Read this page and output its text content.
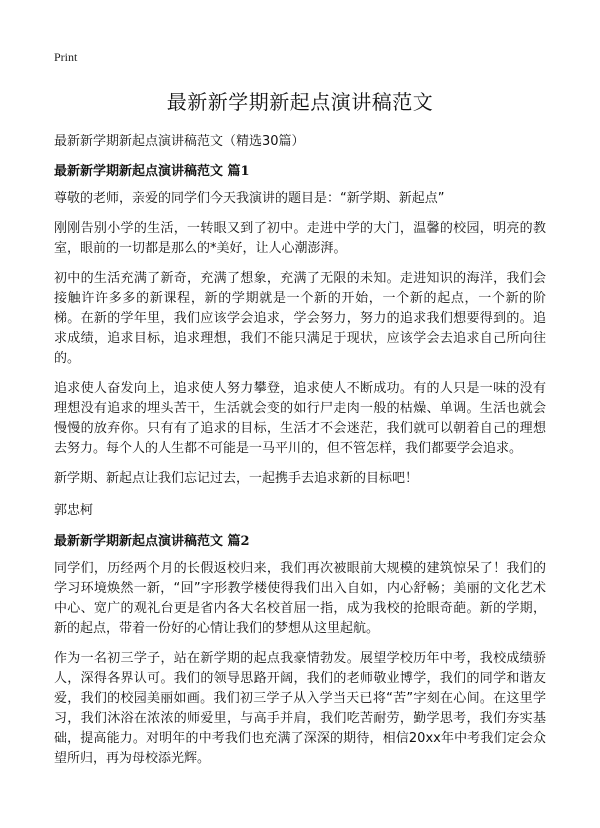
Print
最新新学期新起点演讲稿范文
最新新学期新起点演讲稿范文（精选30篇）
最新新学期新起点演讲稿范文 篇1

尊敬的老师，亲爱的同学们今天我演讲的题目是：“新学期、新起点”

刚刚告别小学的生活，一转眼又到了初中。走进中学的大门，温馨的校园，明亮的教室，眼前的一切都是那么的*美好，让人心潮澎湃。

初中的生活充满了新奇，充满了想象，充满了无限的未知。走进知识的海洋，我们会接触许许多多的新课程，新的学期就是一个新的开始，一个新的起点，一个新的阶梯。在新的学年里，我们应该学会追求，学会努力，努力的追求我们想要得到的。追求成绩，追求目标，追求理想，我们不能只满足于现状，应该学会去追求自己所向往的。

追求使人奋发向上，追求使人努力攀登，追求使人不断成功。有的人只是一味的没有理想没有追求的埋头苦干，生活就会变的如行尸走肉一般的枯燥、单调。生活也就会慢慢的放弃你。只有有了追求的目标，生活才不会迷茫，我们就可以朝着自己的理想去努力。每个人的人生都不可能是一马平川的，但不管怎样，我们都要学会追求。

新学期、新起点让我们忘记过去，一起携手去追求新的目标吧！

郭忠柯
最新新学期新起点演讲稿范文 篇2

同学们，历经两个月的长假返校归来，我们再次被眼前大规模的建筑惊呆了！我们的学习环境焕然一新，“回”字形教学楼使得我们出入自如，内心舒畅；美丽的文化艺术中心、宽广的观礼台更是省内各大名校首屈一指，成为我校的抢眼奇葩。新的学期，新的起点，带着一份好的心情让我们的梦想从这里起航。

作为一名初三学子，站在新学期的起点我豪情勃发。展望学校历年中考，我校成绩骄人，深得各界认可。我们的领导思路开阔，我们的老师敬业博学，我们的同学和谐友爱，我们的校园美丽如画。我们初三学子从入学当天已将“苦”字刻在心间。在这里学习，我们沐浴在浓浓的师爱里，与高手并肩，我们吃苦耐劳，勤学思考，我们夯实基础，提高能力。对明年的中考我们也充满了深深的期待，相信20xx年中考我们定会众望所归，再为母校添光辉。
